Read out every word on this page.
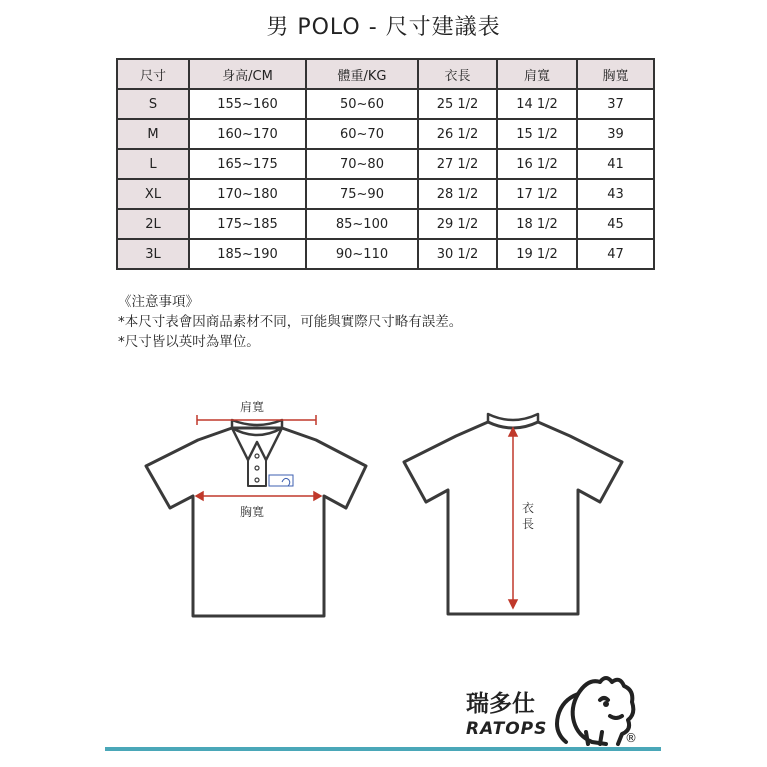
男 POLO - 尺寸建議表
尺寸	身高/CM	體重/KG	衣長	肩寬	胸寬
S	155~160	50~60	25 1/2	14 1/2	37
M	160~170	60~70	26 1/2	15 1/2	39
L	165~175	70~80	27 1/2	16 1/2	41
XL	170~180	75~90	28 1/2	17 1/2	43
2L	175~185	85~100	29 1/2	18 1/2	45
3L	185~190	90~110	30 1/2	19 1/2	47
《注意事項》
*本尺寸表會因商品素材不同，可能與實際尺寸略有誤差。
*尺寸皆以英吋為單位。
肩寬
胸寬	衣
長
瑞多仕
RATOPS	®
